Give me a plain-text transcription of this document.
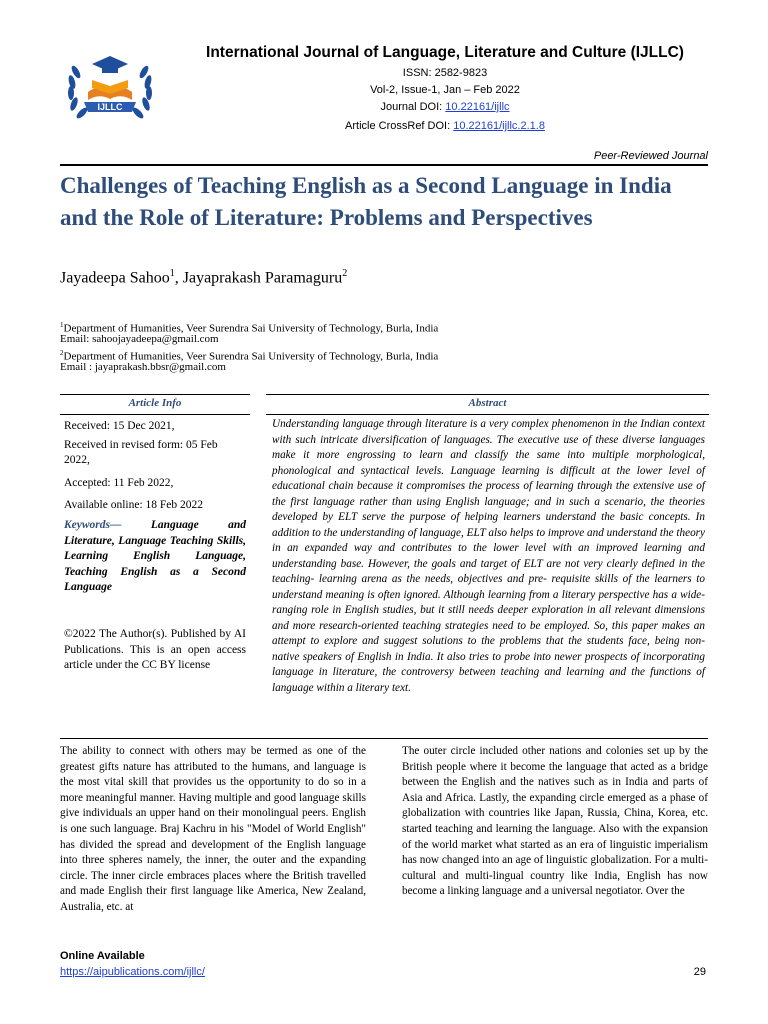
IJLLC
International Journal of Language, Literature and Culture (IJLLC)
ISSN: 2582-9823
Vol-2, Issue-1, Jan – Feb 2022
Journal DOI: 10.22161/ijllc
Article CrossRef DOI: 10.22161/ijllc.2.1.8
Peer-Reviewed Journal
Challenges of Teaching English as a Second Language in India and the Role of Literature: Problems and Perspectives
Jayadeepa Sahoo$^1$, Jayaprakash Paramaguru$^2$
$^1$Department of Humanities, Veer Surendra Sai University of Technology, Burla, India
Email: sahoojayadeepa@gmail.com
$^2$Department of Humanities, Veer Surendra Sai University of Technology, Burla, India
Email : jayaprakash.bbsr@gmail.com
Article Info	Abstract
Received: 15 Dec 2021,
Received in revised form: 05 Feb 2022,
Accepted: 11 Feb 2022,
Available online: 18 Feb 2022
Keywords— Language and Literature, Language Teaching Skills, Learning English Language, Teaching English as a Second Language
©2022 The Author(s). Published by AI Publications. This is an open access article under the CC BY license
Understanding language through literature is a very complex phenomenon in the Indian context with such intricate diversification of languages. The executive use of these diverse languages make it more engrossing to learn and classify the same into multiple morphological, phonological and syntactical levels. Language learning is difficult at the lower level of educational chain because it compromises the process of learning through the extensive use of the first language rather than using English language; and in such a scenario, the theories developed by ELT serve the purpose of helping learners understand the basic concepts. In addition to the understanding of language, ELT also helps to improve and understand the theory in an expanded way and contributes to the lower level with an improved learning and understanding base. However, the goals and target of ELT are not very clearly defined in the teaching- learning arena as the needs, objectives and pre- requisite skills of the learners to understand meaning is often ignored. Although learning from a literary perspective has a wide-ranging role in English studies, but it still needs deeper exploration in all relevant dimensions and more research-oriented teaching strategies need to be employed. So, this paper makes an attempt to explore and suggest solutions to the problems that the students face, being non- native speakers of English in India. It also tries to probe into newer prospects of incorporating language in literature, the controversy between teaching and learning and the functions of language within a literary text.
The ability to connect with others may be termed as one of the greatest gifts nature has attributed to the humans, and language is the most vital skill that provides us the opportunity to do so in a more meaningful manner. Having multiple and good language skills give individuals an upper hand on their monolingual peers. English is one such language. Braj Kachru in his "Model of World English" has divided the spread and development of the English language into three spheres namely, the inner, the outer and the expanding circle. The inner circle embraces places where the British travelled and made English their first language like America, New Zealand, Australia, etc. at
The outer circle included other nations and colonies set up by the British people where it become the language that acted as a bridge between the English and the natives such as in India and parts of Asia and Africa. Lastly, the expanding circle emerged as a phase of globalization with countries like Japan, Russia, China, Korea, etc. started teaching and learning the language. Also with the expansion of the world market what started as an era of linguistic imperialism has now changed into an age of linguistic globalization. For a multi-cultural and multi-lingual country like India, English has now become a linking language and a universal negotiator. Over the
Online Available
https://aipublications.com/ijllc/	29
